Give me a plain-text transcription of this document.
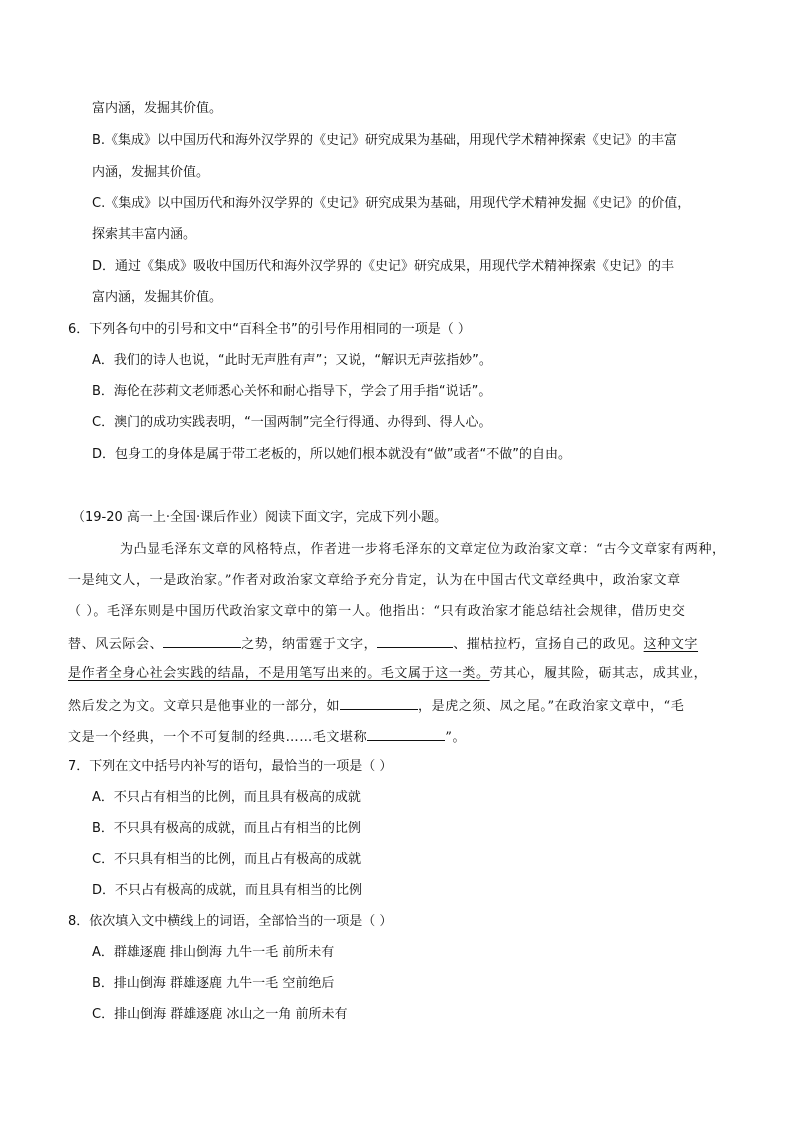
富内涵，发掘其价值。
B.《集成》以中国历代和海外汉学界的《史记》研究成果为基础，用现代学术精神探索《史记》的丰富
内涵，发掘其价值。
C.《集成》以中国历代和海外汉学界的《史记》研究成果为基础，用现代学术精神发掘《史记》的价值，
探索其丰富内涵。
D．通过《集成》吸收中国历代和海外汉学界的《史记》研究成果，用现代学术精神探索《史记》的丰
富内涵，发掘其价值。
6．下列各句中的引号和文中“百科全书”的引号作用相同的一项是（ ）
A．我们的诗人也说，“此时无声胜有声”；又说，“解识无声弦指妙”。
B．海伦在莎莉文老师悉心关怀和耐心指导下，学会了用手指“说话”。
C．澳门的成功实践表明，“一国两制”完全行得通、办得到、得人心。
D．包身工的身体是属于带工老板的，所以她们根本就没有“做”或者“不做”的自由。
（19-20 高一上·全国·课后作业）阅读下面文字，完成下列小题。
为凸显毛泽东文章的风格特点，作者进一步将毛泽东的文章定位为政治家文章：“古今文章家有两种，
一是纯文人，一是政治家。”作者对政治家文章给予充分肯定，认为在中国古代文章经典中，政治家文章
（ ）。毛泽东则是中国历代政治家文章中的第一人。他指出：“只有政治家才能总结社会规律，借历史交
替、风云际会、	之势，纳雷霆于文字，	、摧枯拉朽，宣扬自己的政见。这种文字
是作者全身心社会实践的结晶，不是用笔写出来的。毛文属于这一类。劳其心，履其险，砺其志，成其业，
然后发之为文。文章只是他事业的一部分，如	，是虎之须、凤之尾。”在政治家文章中，“毛
文是一个经典，一个不可复制的经典……毛文堪称	”。
7．下列在文中括号内补写的语句，最恰当的一项是（ ）
A．不只占有相当的比例，而且具有极高的成就
B．不只具有极高的成就，而且占有相当的比例
C．不只具有相当的比例，而且占有极高的成就
D．不只占有极高的成就，而且具有相当的比例
8．依次填入文中横线上的词语，全部恰当的一项是（ ）
A．群雄逐鹿 排山倒海 九牛一毛 前所未有
B．排山倒海 群雄逐鹿 九牛一毛 空前绝后
C．排山倒海 群雄逐鹿 冰山之一角 前所未有
